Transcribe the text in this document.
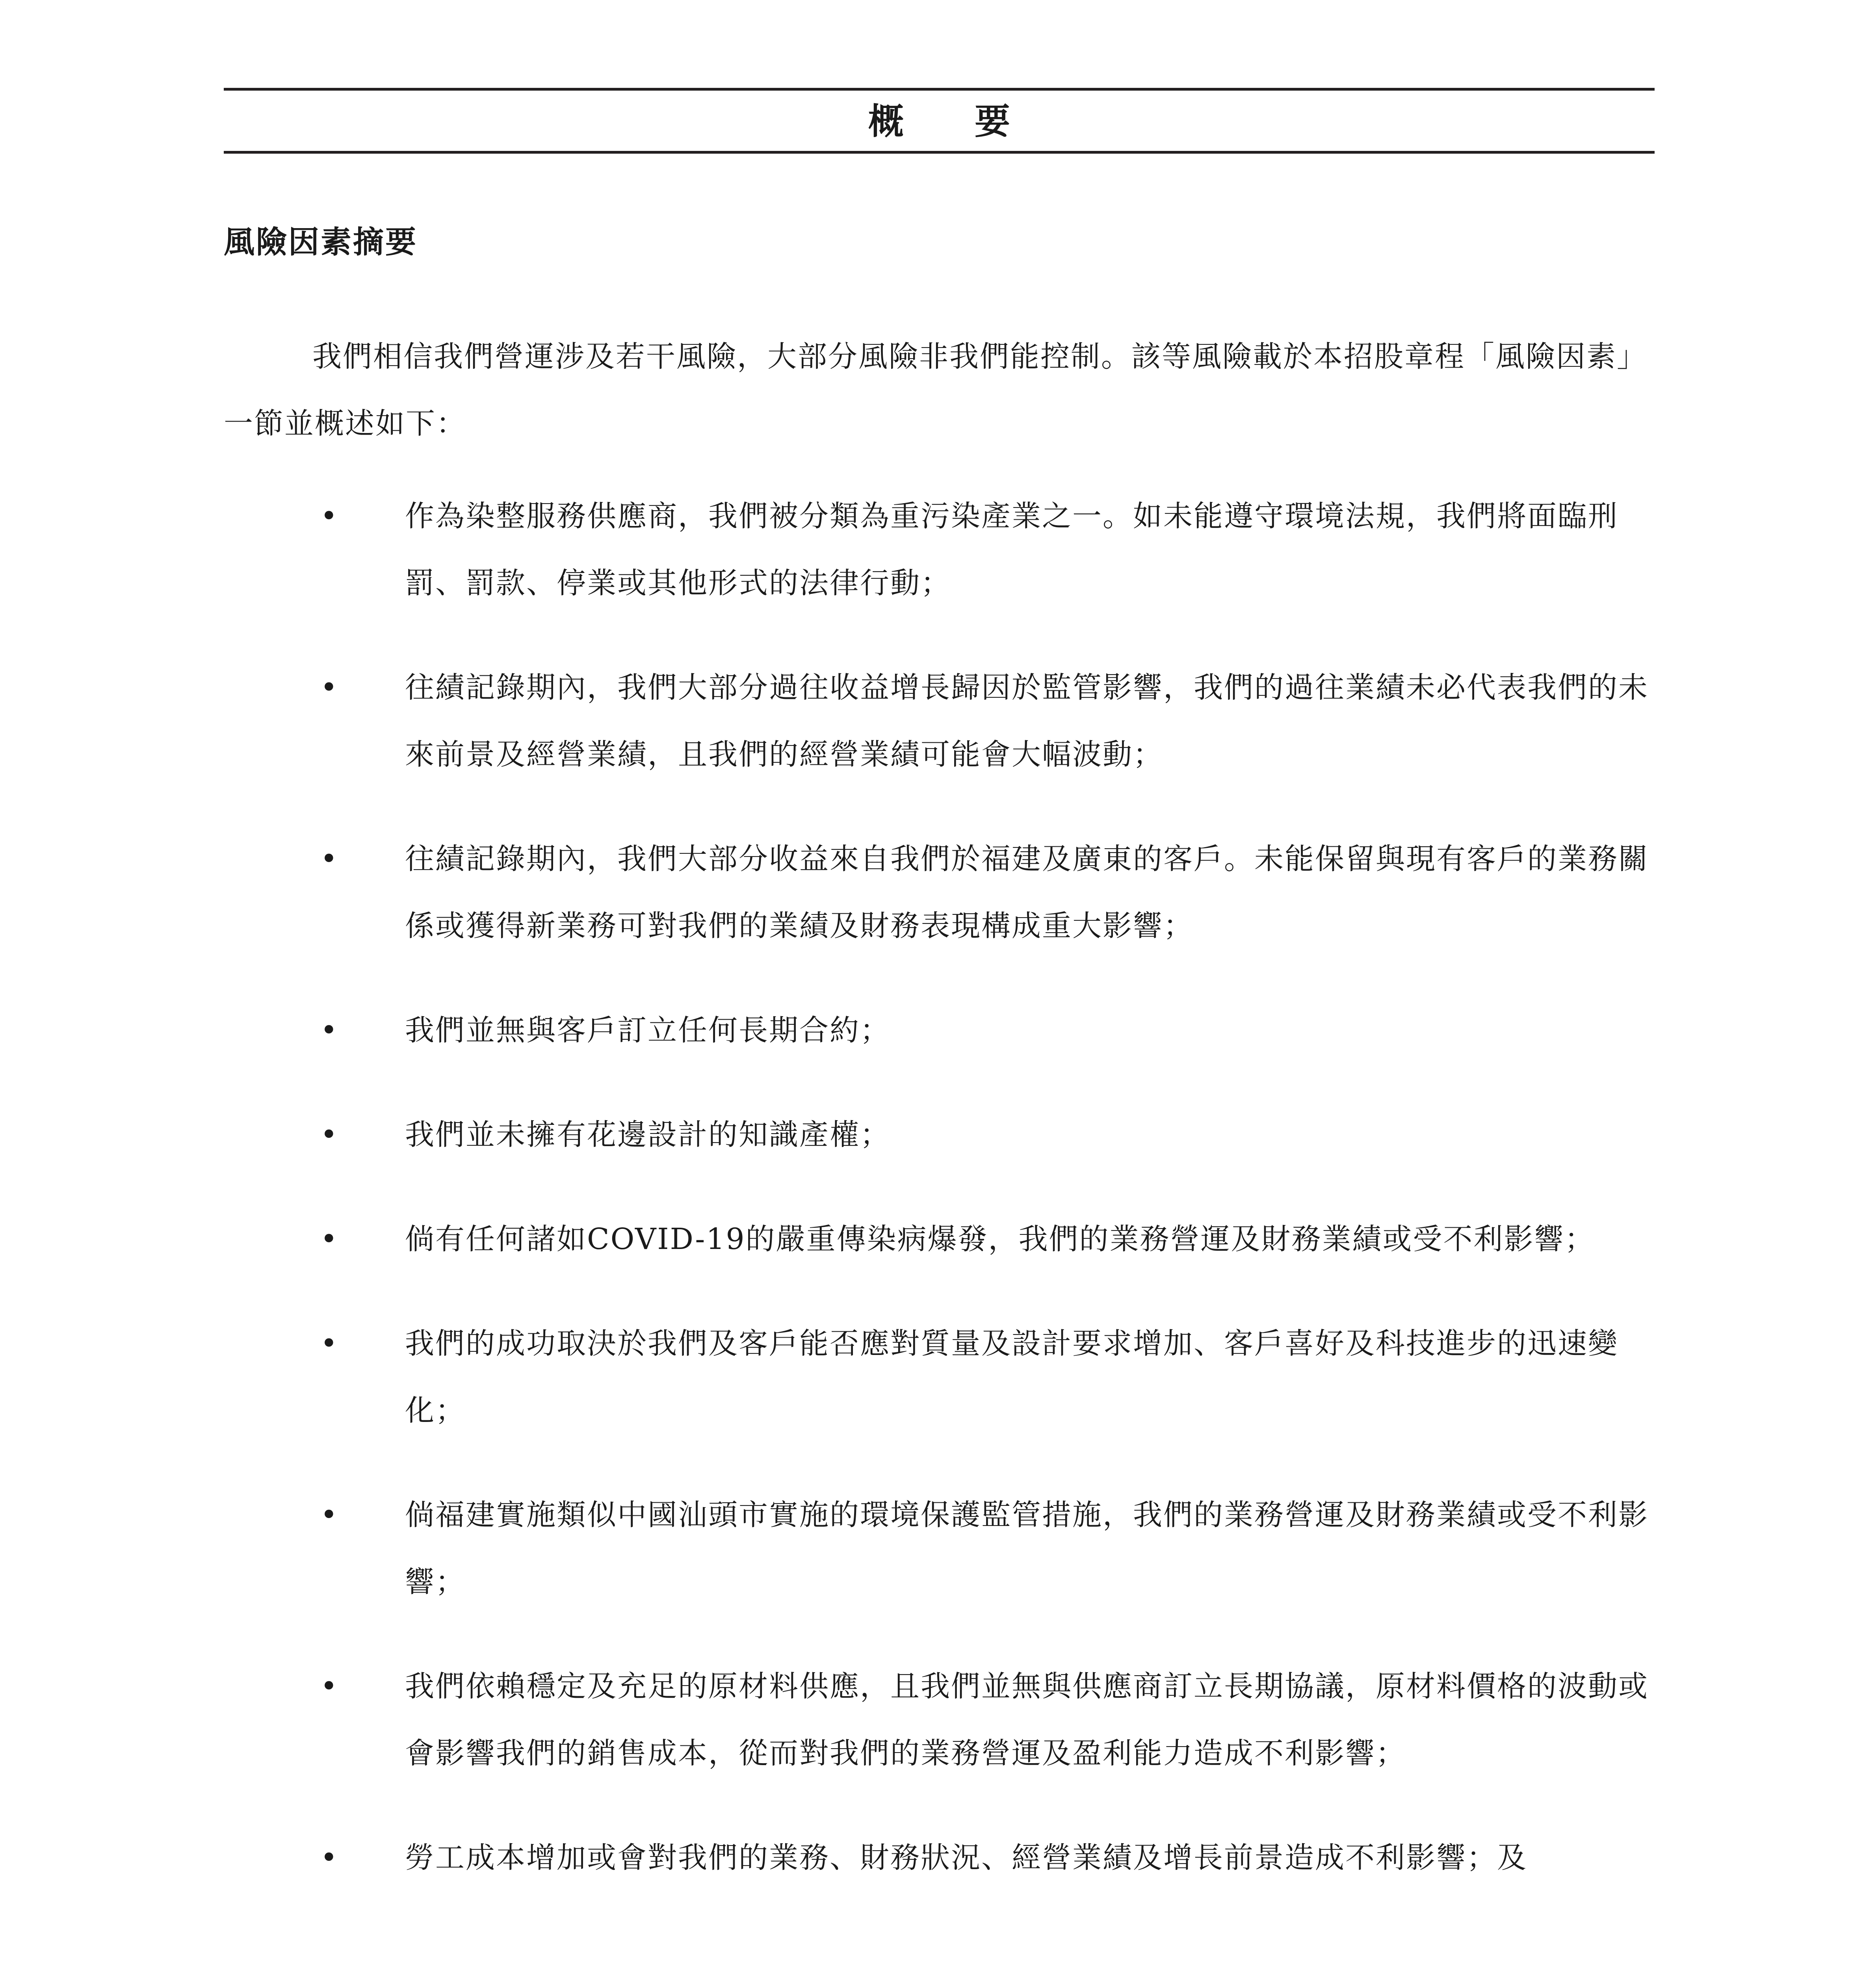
概要
風險因素摘要
我們相信我們營運涉及若干風險，大部分風險非我們能控制。該等風險載於本招股章程「風險因素」一節並概述如下：
• 作為染整服務供應商，我們被分類為重污染產業之一。如未能遵守環境法規，我們將面臨刑罰、罰款、停業或其他形式的法律行動；
• 往績記錄期內，我們大部分過往收益增長歸因於監管影響，我們的過往業績未必代表我們的未來前景及經營業績，且我們的經營業績可能會大幅波動；
• 往績記錄期內，我們大部分收益來自我們於福建及廣東的客戶。未能保留與現有客戶的業務關係或獲得新業務可對我們的業績及財務表現構成重大影響；
• 我們並無與客戶訂立任何長期合約；
• 我們並未擁有花邊設計的知識產權；
• 倘有任何諸如COVID-19的嚴重傳染病爆發，我們的業務營運及財務業績或受不利影響；
• 我們的成功取決於我們及客戶能否應對質量及設計要求增加、客戶喜好及科技進步的迅速變化；
• 倘福建實施類似中國汕頭市實施的環境保護監管措施，我們的業務營運及財務業績或受不利影響；
• 我們依賴穩定及充足的原材料供應，且我們並無與供應商訂立長期協議，原材料價格的波動或會影響我們的銷售成本，從而對我們的業務營運及盈利能力造成不利影響；
• 勞工成本增加或會對我們的業務、財務狀況、經營業績及增長前景造成不利影響；及
